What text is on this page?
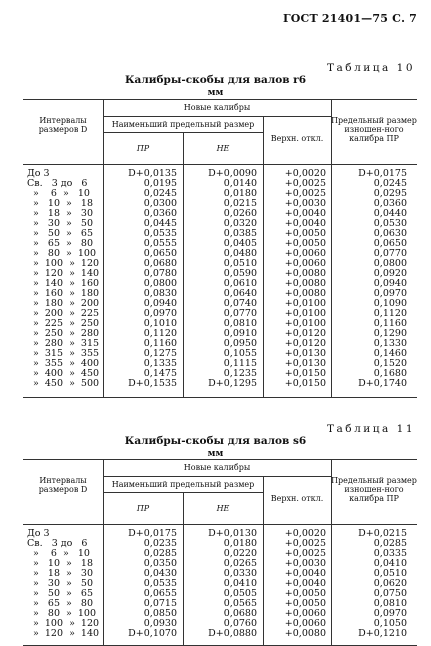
ГОСТ 21401—75 С. 7
Таблица 10
Калибры-скобы для валов r6
мм
Интервалы размеров D
Новые калибры
Наименьший предельный размер
ПР	НЕ
Верхн. откл.
Предельный размер изношен-ного калибра ПР
До 3	D+0,0135	D+0,0090	+0,0020	D+0,0175
Св.   3 до   6	0,0195	0,0140	+0,0025	0,0245
»    6  »   10	0,0245	0,0180	+0,0025	0,0295
»   10  »   18	0,0300	0,0215	+0,0030	0,0360
»   18  »   30	0,0360	0,0260	+0,0040	0,0440
»   30  »   50	0,0445	0,0320	+0,0040	0,0530
»   50  »   65	0,0535	0,0385	+0,0050	0,0630
»   65  »   80	0,0555	0,0405	+0,0050	0,0650
»   80  »  100	0,0650	0,0480	+0,0060	0,0770
»  100  »  120	0,0680	0,0510	+0,0060	0,0800
»  120  »  140	0,0780	0,0590	+0,0080	0,0920
»  140  »  160	0,0800	0,0610	+0,0080	0,0940
»  160  »  180	0,0830	0,0640	+0,0080	0,0970
»  180  »  200	0,0940	0,0740	+0,0100	0,1090
»  200  »  225	0,0970	0,0770	+0,0100	0,1120
»  225  »  250	0,1010	0,0810	+0,0100	0,1160
»  250  »  280	0,1120	0,0910	+0,0120	0,1290
»  280  »  315	0,1160	0,0950	+0,0120	0,1330
»  315  »  355	0,1275	0,1055	+0,0130	0,1460
»  355  »  400	0,1335	0,1115	+0,0130	0,1520
»  400  »  450	0,1475	0,1235	+0,0150	0,1680
»  450  »  500	D+0,1535	D+0,1295	+0,0150	D+0,1740
Таблица 11
Калибры-скобы для валов s6
мм
Интервалы размеров D
Новые калибры
Наименьший предельный размер
ПР	НЕ
Верхн. откл.
Предельный размер изношен-ного калибра ПР
До 3	D+0,0175	D+0,0130	+0,0020	D+0,0215
Св.   3 до   6	0,0235	0,0180	+0,0025	0,0285
»    6  »   10	0,0285	0,0220	+0,0025	0,0335
»   10  »   18	0,0350	0,0265	+0,0030	0,0410
»   18  »   30	0,0430	0,0330	+0,0040	0,0510
»   30  »   50	0,0535	0,0410	+0,0040	0,0620
»   50  »   65	0,0655	0,0505	+0,0050	0,0750
»   65  »   80	0,0715	0,0565	+0,0050	0,0810
»   80  »  100	0,0850	0,0680	+0,0060	0,0970
»  100  »  120	0,0930	0,0760	+0,0060	0,1050
»  120  »  140	D+0,1070	D+0,0880	+0,0080	D+0,1210
